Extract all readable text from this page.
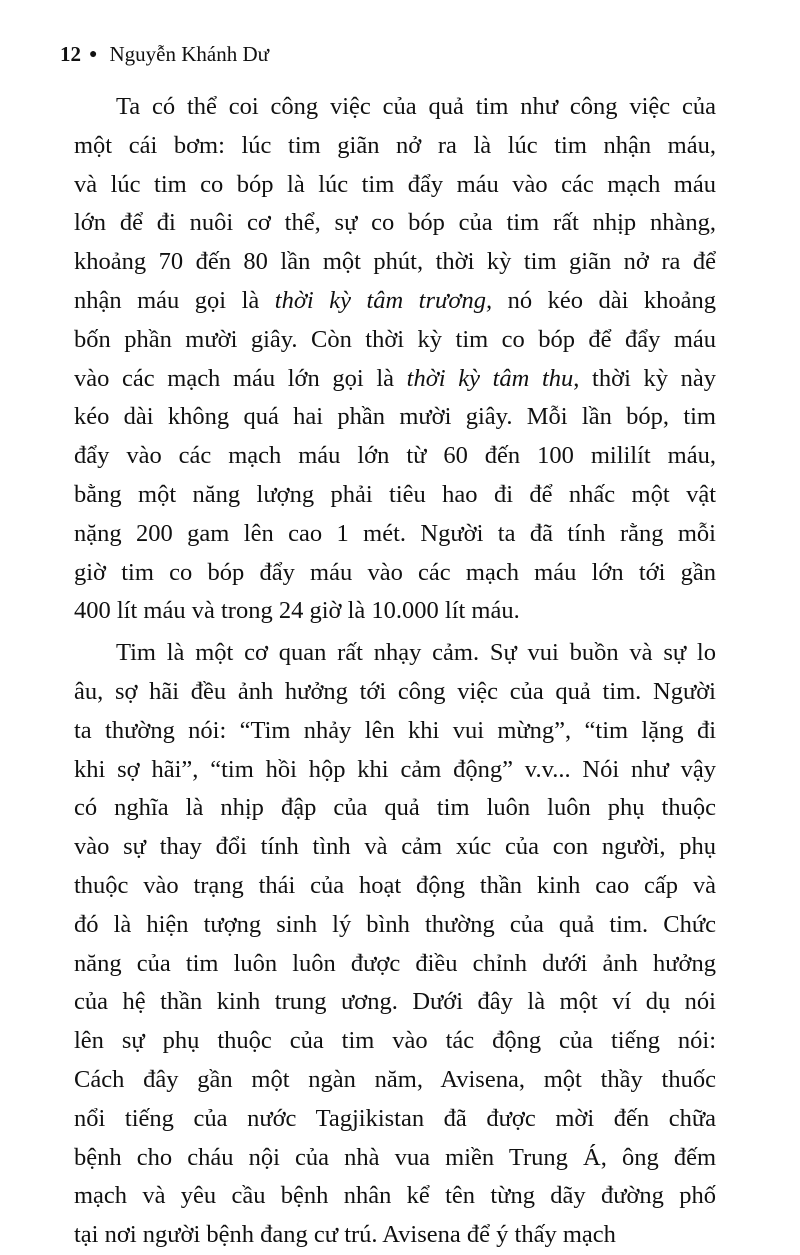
12 ● Nguyễn Khánh Dư
Ta có thể coi công việc của quả tim như công việc của
một cái bơm: lúc tim giãn nở ra là lúc tim nhận máu,
và lúc tim co bóp là lúc tim đẩy máu vào các mạch máu
lớn để đi nuôi cơ thể, sự co bóp của tim rất nhịp nhàng,
khoảng 70 đến 80 lần một phút, thời kỳ tim giãn nở ra để
nhận máu gọi là thời kỳ tâm trương, nó kéo dài khoảng
bốn phần mười giây. Còn thời kỳ tim co bóp để đẩy máu
vào các mạch máu lớn gọi là thời kỳ tâm thu, thời kỳ này
kéo dài không quá hai phần mười giây. Mỗi lần bóp, tim
đẩy vào các mạch máu lớn từ 60 đến 100 mililít máu,
bằng một năng lượng phải tiêu hao đi để nhấc một vật
nặng 200 gam lên cao 1 mét. Người ta đã tính rằng mỗi
giờ tim co bóp đẩy máu vào các mạch máu lớn tới gần
400 lít máu và trong 24 giờ là 10.000 lít máu.
Tim là một cơ quan rất nhạy cảm. Sự vui buồn và sự lo
âu, sợ hãi đều ảnh hưởng tới công việc của quả tim. Người
ta thường nói: “Tim nhảy lên khi vui mừng”, “tim lặng đi
khi sợ hãi”, “tim hồi hộp khi cảm động” v.v... Nói như vậy
có nghĩa là nhịp đập của quả tim luôn luôn phụ thuộc
vào sự thay đổi tính tình và cảm xúc của con người, phụ
thuộc vào trạng thái của hoạt động thần kinh cao cấp và
đó là hiện tượng sinh lý bình thường của quả tim. Chức
năng của tim luôn luôn được điều chỉnh dưới ảnh hưởng
của hệ thần kinh trung ương. Dưới đây là một ví dụ nói
lên sự phụ thuộc của tim vào tác động của tiếng nói:
Cách đây gần một ngàn năm, Avisena, một thầy thuốc
nổi tiếng của nước Tagjikistan đã được mời đến chữa
bệnh cho cháu nội của nhà vua miền Trung Á, ông đếm
mạch và yêu cầu bệnh nhân kể tên từng dãy đường phố
tại nơi người bệnh đang cư trú. Avisena để ý thấy mạch
